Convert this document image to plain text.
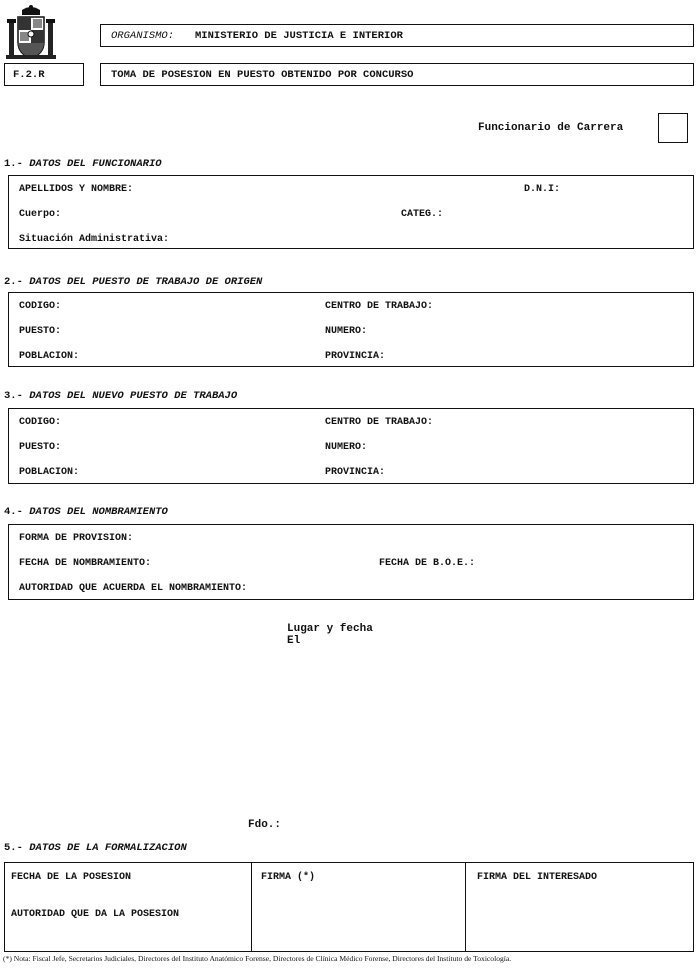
ORGANISMO: MINISTERIO DE JUSTICIA E INTERIOR
F.2.R	TOMA DE POSESION EN PUESTO OBTENIDO POR CONCURSO
Funcionario de Carrera
1.- DATOS DEL FUNCIONARIO
APELLIDOS Y NOMBRE:	D.N.I:
Cuerpo:	CATEG.:
Situación Administrativa:
2.- DATOS DEL PUESTO DE TRABAJO DE ORIGEN
CODIGO:	CENTRO DE TRABAJO:
PUESTO:	NUMERO:
POBLACION:	PROVINCIA:
3.- DATOS DEL NUEVO PUESTO DE TRABAJO
CODIGO:	CENTRO DE TRABAJO:
PUESTO:	NUMERO:
POBLACION:	PROVINCIA:
4.- DATOS DEL NOMBRAMIENTO
FORMA DE PROVISION:
FECHA DE NOMBRAMIENTO:	FECHA DE B.O.E.:
AUTORIDAD QUE ACUERDA EL NOMBRAMIENTO:
Lugar y fecha
El
Fdo.:
5.- DATOS DE LA FORMALIZACION
FECHA DE LA POSESION
AUTORIDAD QUE DA LA POSESION
FIRMA (*)	FIRMA DEL INTERESADO
(*) Nota: Fiscal Jefe, Secretarios Judiciales, Directores del Instituto Anatómico Forense, Directores de Clínica Médico Forense, Directores del Instituto de Toxicología.
